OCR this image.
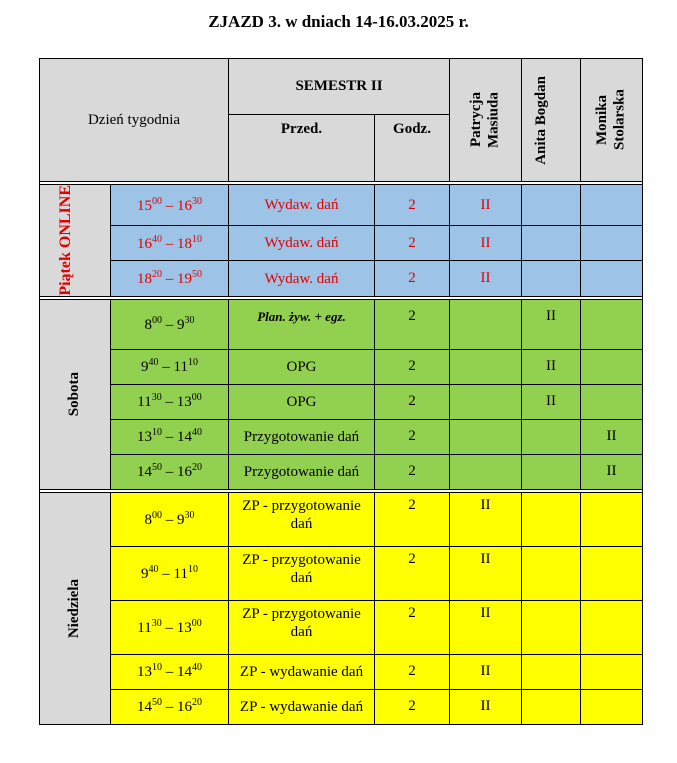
ZJAZD 3. w dniach 14-16.03.2025 r.
Dzień tygodnia		SEMESTR II		Patrycja Masiuda	Anita Bogdan	Monika Stolarska

		Przed.	Godz.			

Piątek ONLINE	$15^{00} - 16^{30}$	Wydaw. dań	2	II		
	$16^{40} - 18^{10}$	Wydaw. dań	2	II		
	$18^{20} - 19^{50}$	Wydaw. dań	2	II		

Sobota	$8^{00} - 9^{30}$	Plan. żyw. + egz.	2		II	
	$9^{40} - 11^{10}$	OPG	2		II	
	$11^{30} - 13^{00}$	OPG	2		II	
	$13^{10} - 14^{40}$	Przygotowanie dań	2			II
	$14^{50} - 16^{20}$	Przygotowanie dań	2			II

Niedziela	$8^{00} - 9^{30}$	ZP - przygotowanie dań	2	II		
	$9^{40} - 11^{10}$	ZP - przygotowanie dań	2	II		
	$11^{30} - 13^{00}$	ZP - przygotowanie dań	2	II		
	$13^{10} - 14^{40}$	ZP - wydawanie dań	2	II		
	$14^{50} - 16^{20}$	ZP - wydawanie dań	2	II		
